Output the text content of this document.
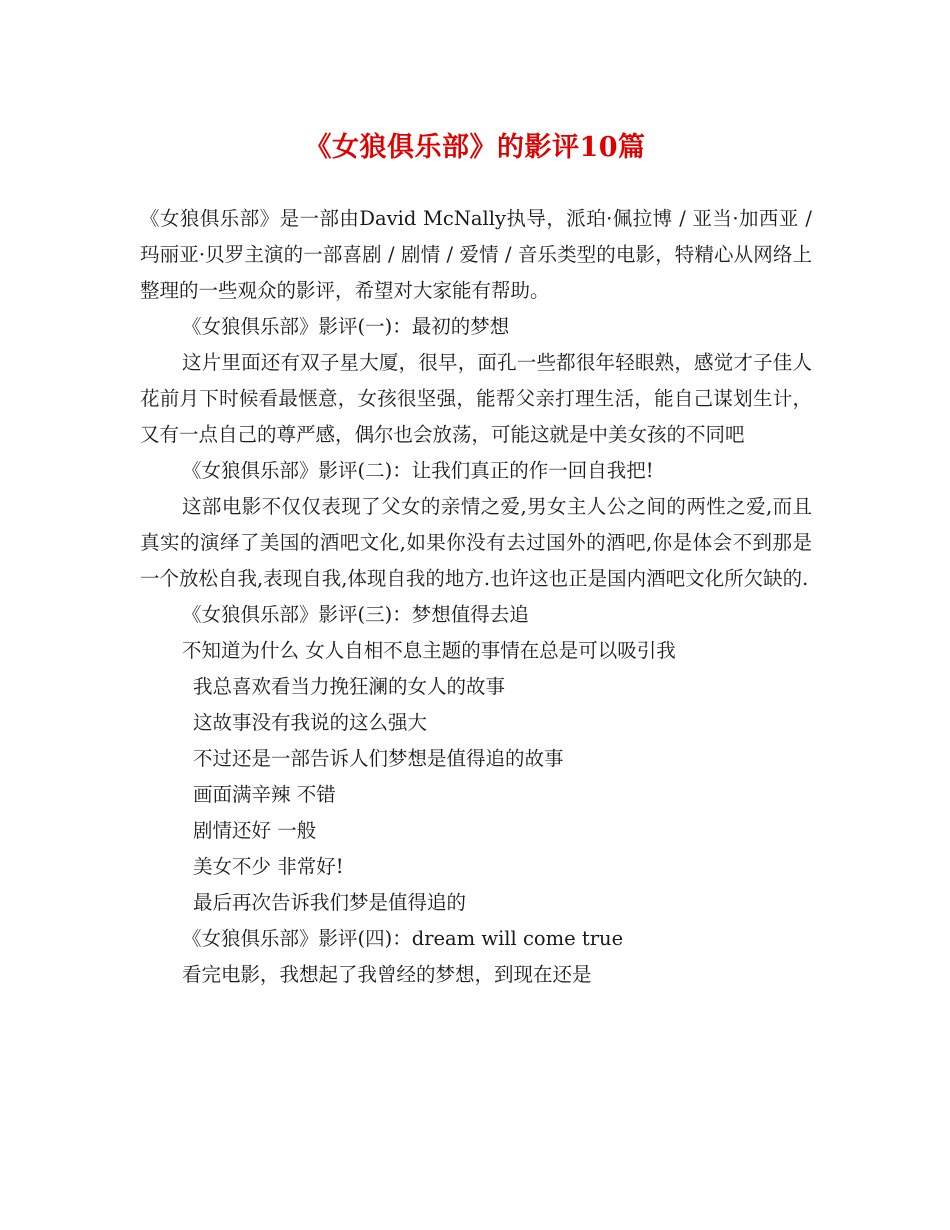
《女狼俱乐部》的影评10篇

《女狼俱乐部》是一部由David McNally执导，派珀·佩拉博 / 亚当·加西亚 / 玛丽亚·贝罗主演的一部喜剧 / 剧情 / 爱情 / 音乐类型的电影，特精心从网络上整理的一些观众的影评，希望对大家能有帮助。

《女狼俱乐部》影评(一)：最初的梦想

这片里面还有双子星大厦，很早，面孔一些都很年轻眼熟，感觉才子佳人花前月下时候看最惬意，女孩很坚强，能帮父亲打理生活，能自己谋划生计，又有一点自己的尊严感，偶尔也会放荡，可能这就是中美女孩的不同吧

《女狼俱乐部》影评(二)：让我们真正的作一回自我把!

这部电影不仅仅表现了父女的亲情之爱,男女主人公之间的两性之爱,而且真实的演绎了美国的酒吧文化,如果你没有去过国外的酒吧,你是体会不到那是一个放松自我,表现自我,体现自我的地方.也许这也正是国内酒吧文化所欠缺的.

《女狼俱乐部》影评(三)：梦想值得去追

不知道为什么 女人自相不息主题的事情在总是可以吸引我

我总喜欢看当力挽狂澜的女人的故事

这故事没有我说的这么强大

不过还是一部告诉人们梦想是值得追的故事

画面满辛辣 不错

剧情还好 一般

美女不少 非常好!

最后再次告诉我们梦是值得追的

《女狼俱乐部》影评(四)：dream will come true

看完电影，我想起了我曾经的梦想，到现在还是
